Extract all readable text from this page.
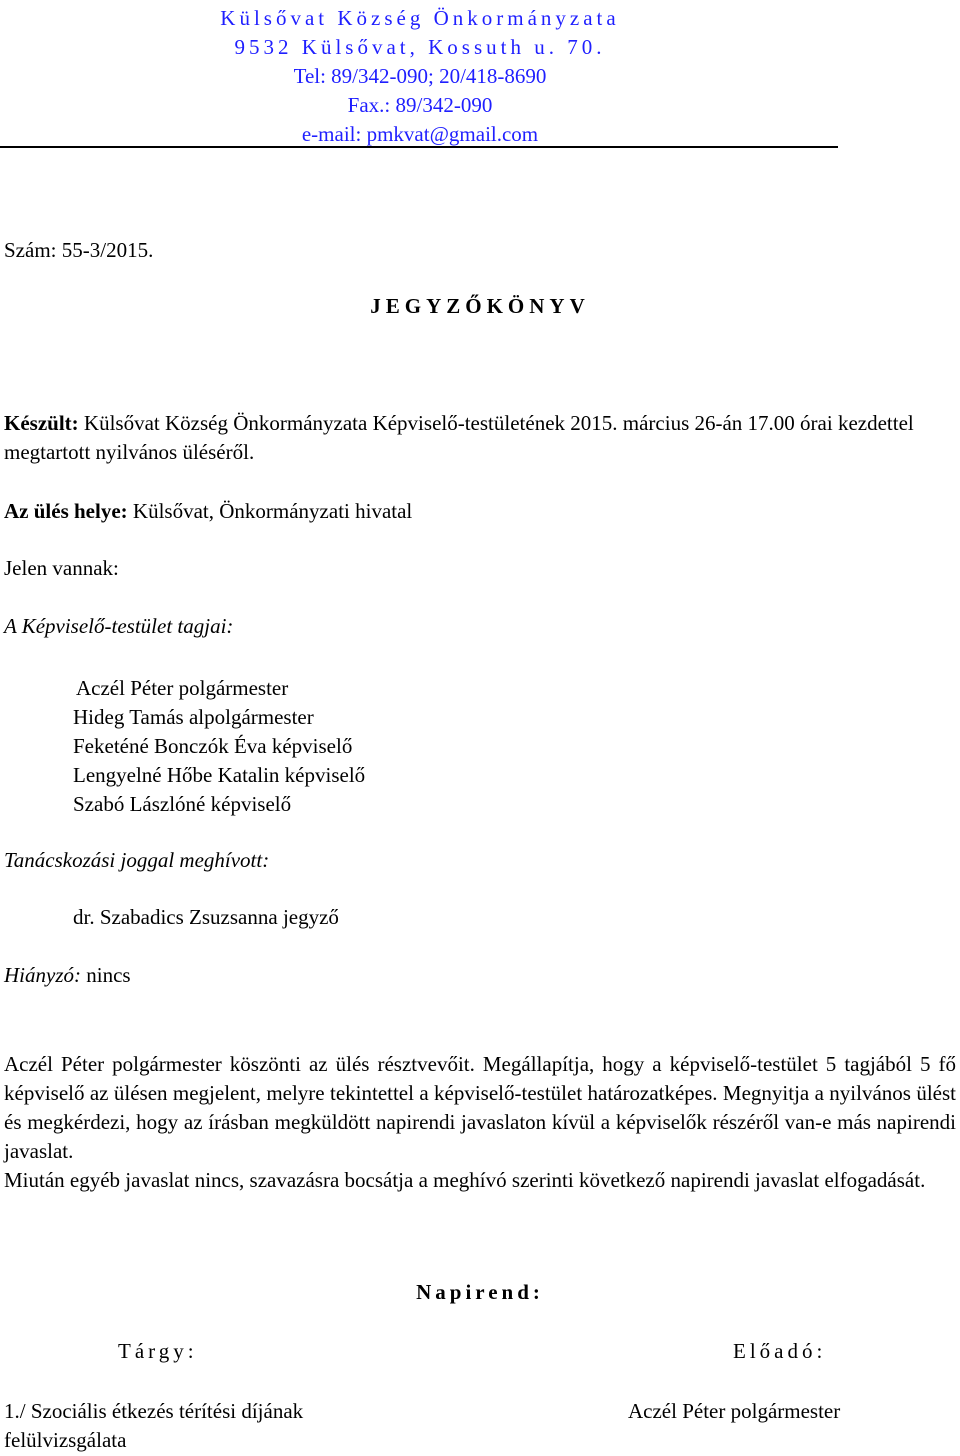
Külsővat Község Önkormányzata
9532 Külsővat, Kossuth u. 70.
Tel: 89/342-090; 20/418-8690
Fax.: 89/342-090
e-mail: pmkvat@gmail.com
Szám: 55-3/2015.
JEGYZŐKÖNYV
Készült: Külsővat Község Önkormányzata Képviselő-testületének 2015. március 26-án 17.00 órai kezdettel megtartott nyilvános üléséről.
Az ülés helye: Külsővat, Önkormányzati hivatal
Jelen vannak:
A Képviselő-testület tagjai:
Aczél Péter polgármester
Hideg Tamás alpolgármester
Feketéné Bonczók Éva képviselő
Lengyelné Hőbe Katalin képviselő
Szabó Lászlóné képviselő
Tanácskozási joggal meghívott:
dr. Szabadics Zsuzsanna jegyző
Hiányzó: nincs

Aczél Péter polgármester köszönti az ülés résztvevőit. Megállapítja, hogy a képviselő-testület 5 tagjából 5 fő képviselő az ülésen megjelent, melyre tekintettel a képviselő-testület határozatképes. Megnyitja a nyilvános ülést és megkérdezi, hogy az írásban megküldött napirendi javaslaton kívül a képviselők részéről van-e más napirendi javaslat.

Miután egyéb javaslat nincs, szavazásra bocsátja a meghívó szerinti következő napirendi javaslat elfogadását.

Napirend:
Tárgy:	Előadó:
1./ Szociális étkezés térítési díjának
felülvizsgálata
Aczél Péter polgármester
